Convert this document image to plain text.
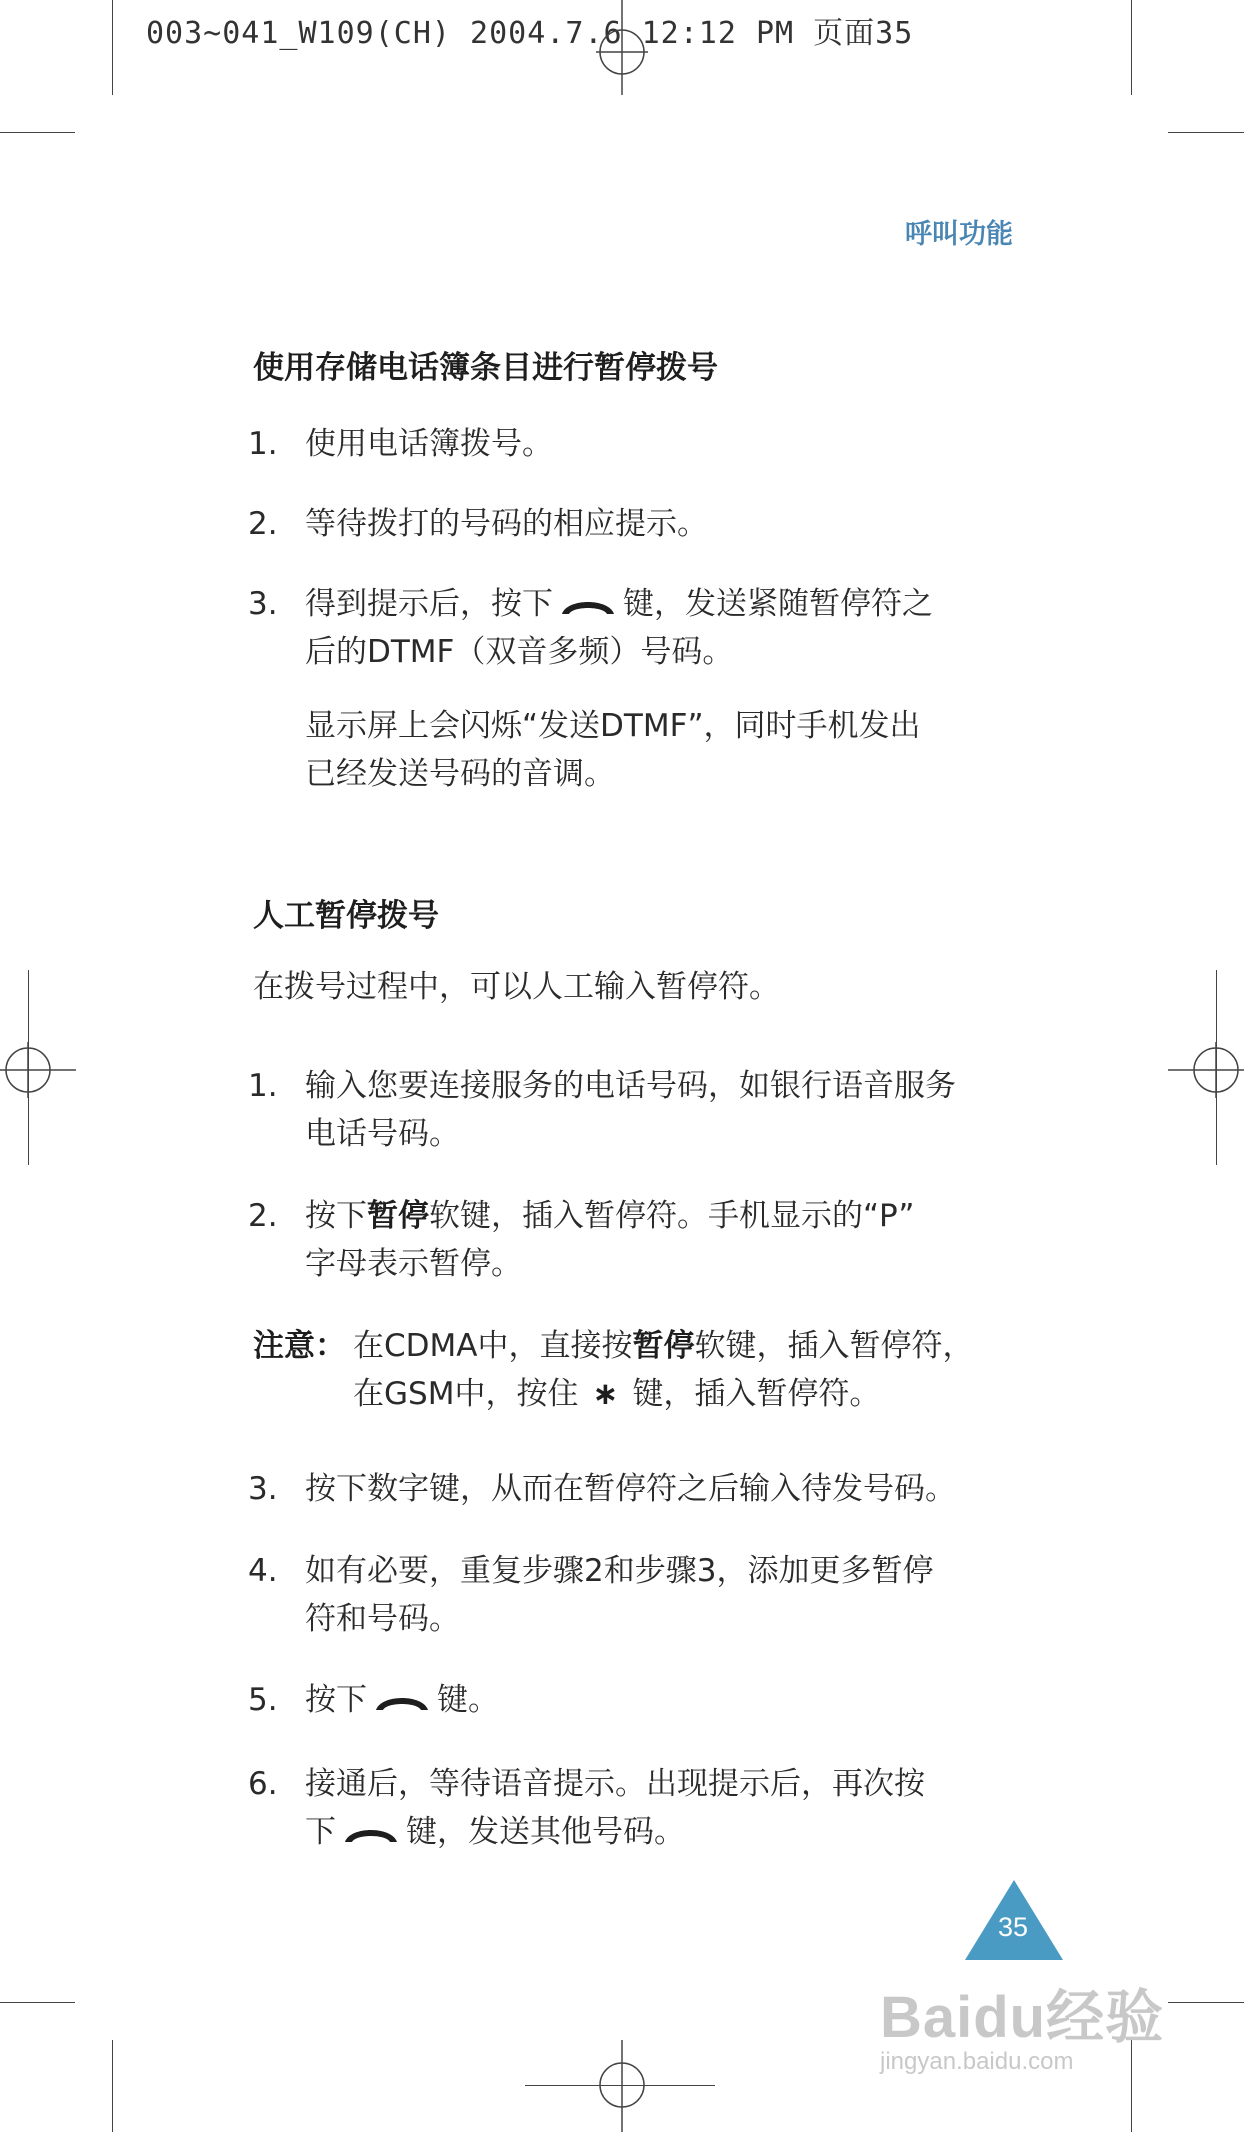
003~041_W109(CH) 2004.7.6 12:12 PM 页面35
呼叫功能
使用存储电话簿条目进行暂停拨号
1. 使用电话簿拨号。
2. 等待拨打的号码的相应提示。
3. 得到提示后，按下 键，发送紧随暂停符之
后的DTMF（双音多频）号码。
显示屏上会闪烁“发送DTMF”，同时手机发出
已经发送号码的音调。
人工暂停拨号
在拨号过程中，可以人工输入暂停符。
1. 输入您要连接服务的电话号码，如银行语音服务
电话号码。
2. 按下暂停软键，插入暂停符。手机显示的“P”
字母表示暂停。
注意： 在CDMA中，直接按暂停软键，插入暂停符，
在GSM中，按住 ∗ 键，插入暂停符。
3. 按下数字键，从而在暂停符之后输入待发号码。
4. 如有必要，重复步骤2和步骤3，添加更多暂停
符和号码。
5. 按下 键。
6. 接通后，等待语音提示。出现提示后，再次按
下 键，发送其他号码。
35
Baidu经验
jingyan.baidu.com
